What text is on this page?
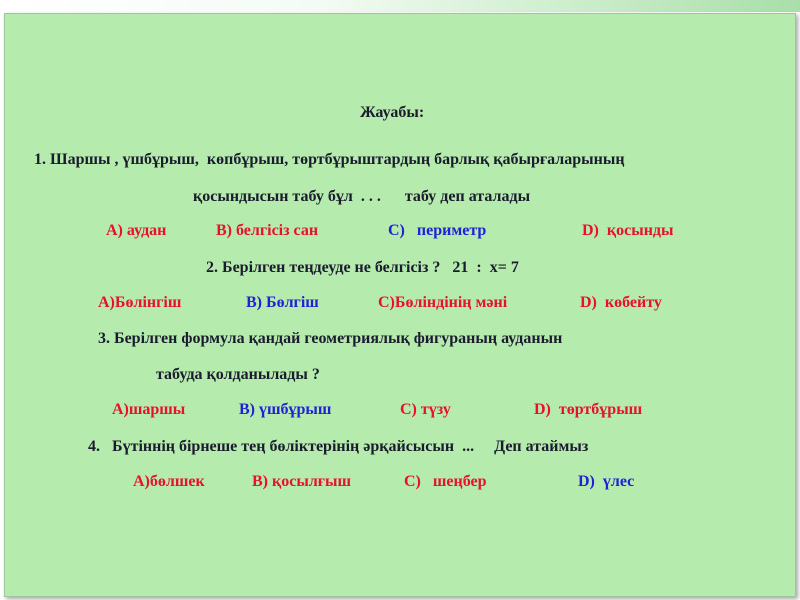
Жауабы:
1. Шаршы , үшбұрыш,  көпбұрыш, төртбұрыштардың барлық қабырғаларының
қосындысын табу бұл  . . .      табу деп аталады
А) аудан	В) белгісіз сан	С)   периметр	D)  қосынды
2. Берілген теңдеуде не белгісіз ?   21  :  x= 7
А)Бөлінгіш	В) Бөлгіш	С)Бөліндінің мәні	D)  көбейту
3. Берілген формула қандай геометриялық фигураның ауданын
табуда қолданылады ?
А)шаршы	В) үшбұрыш	С) түзу	D)  төртбұрыш
4.   Бүтіннің бірнеше тең бөліктерінің әрқайсысын  ...     Деп атаймыз
А)бөлшек	В) қосылғыш	С)   шеңбер	D)  үлес
